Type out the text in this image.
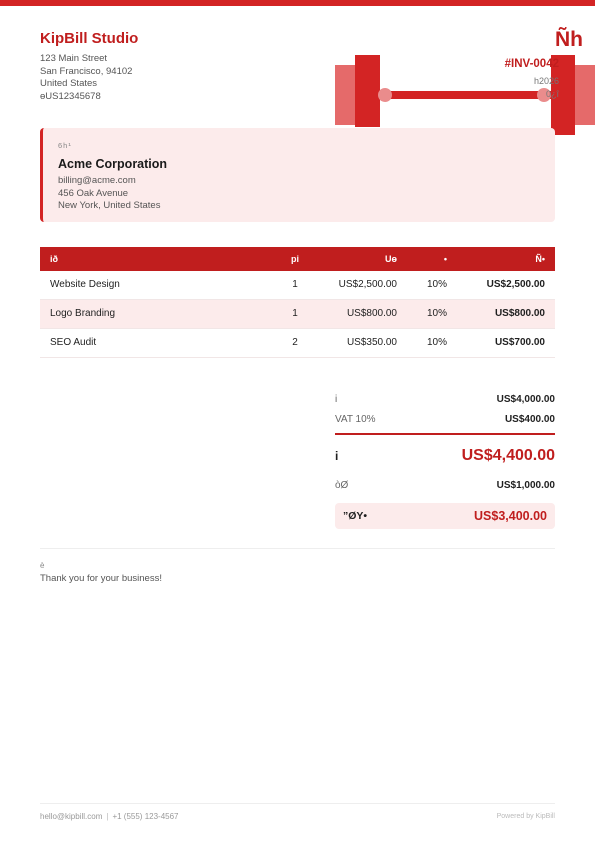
KipBill Studio
123 Main Street
San Francisco, 94102
United States
ɵUS12345678
Ñh
#INV-0042
h2026
0¿î
6h¹
Acme Corporation
billing@acme.com
456 Oak Avenue
New York, United States
ið	pi	Uɵ	•	Ñ•
Website Design	1	US$2,500.00	10%	US$2,500.00
Logo Branding	1	US$800.00	10%	US$800.00
SEO Audit	2	US$350.00	10%	US$700.00
i	US$4,000.00
VAT 10%	US$400.00
i	US$4,400.00
òØ	US$1,000.00
”ØY•	US$3,400.00
è
Thank you for your business!
hello@kipbill.com | +1 (555) 123-4567	Powered by KipBill
